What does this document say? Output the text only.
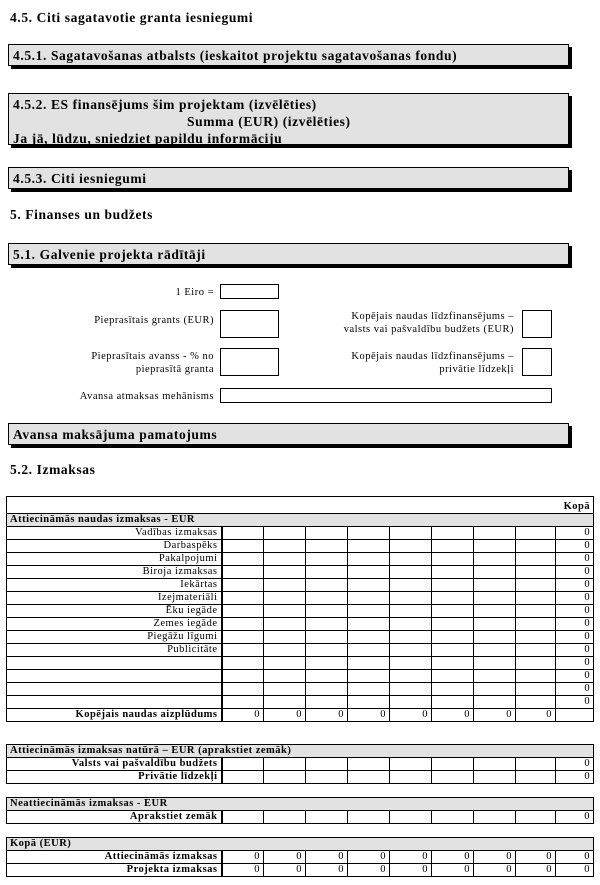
4.5. Citi sagatavotie granta iesniegumi
4.5.1. Sagatavošanas atbalsts (ieskaitot projektu sagatavošanas fondu)
4.5.2. ES finansējums šim projektam (izvēlēties)
Summa (EUR) (izvēlēties)
Ja jā, lūdzu, sniedziet papildu informāciju
4.5.3. Citi iesniegumi
5. Finanses un budžets
5.1. Galvenie projekta rādītāji
1 Eiro =
Pieprasītais grants (EUR)	Kopējais naudas līdzfinansējums –
valsts vai pašvaldību budžets (EUR)
Pieprasītais avanss - % no
pieprasītā granta
Kopējais naudas līdzfinansējums –
privātie līdzekļi
Avansa atmaksas mehānisms
Avansa maksājuma pamatojums
5.2. Izmaksas

									Kopā
Attiecināmās naudas izmaksas - EUR									
Vadības izmaksas									0
Darbaspēks									0
Pakalpojumi									0
Biroja izmaksas									0
Iekārtas									0
Izejmateriāli									0
Ēku iegāde									0
Zemes iegāde									0
Piegāžu līgumi									0
Publicitāte									0
									0
									0
									0
									0
Kopējais naudas aizplūdums	0	0	0	0	0	0	0	0	
Attiecināmās izmaksas natūrā – EUR (aprakstiet zemāk)									
Valsts vai pašvaldību budžets									0
Privātie līdzekļi									0
Neattiecināmās izmaksas - EUR
Aprakstiet zemāk									0
Kopā (EUR)									
Attiecināmās izmaksas	0	0	0	0	0	0	0	0	0
Projekta izmaksas	0	0	0	0	0	0	0	0	0
